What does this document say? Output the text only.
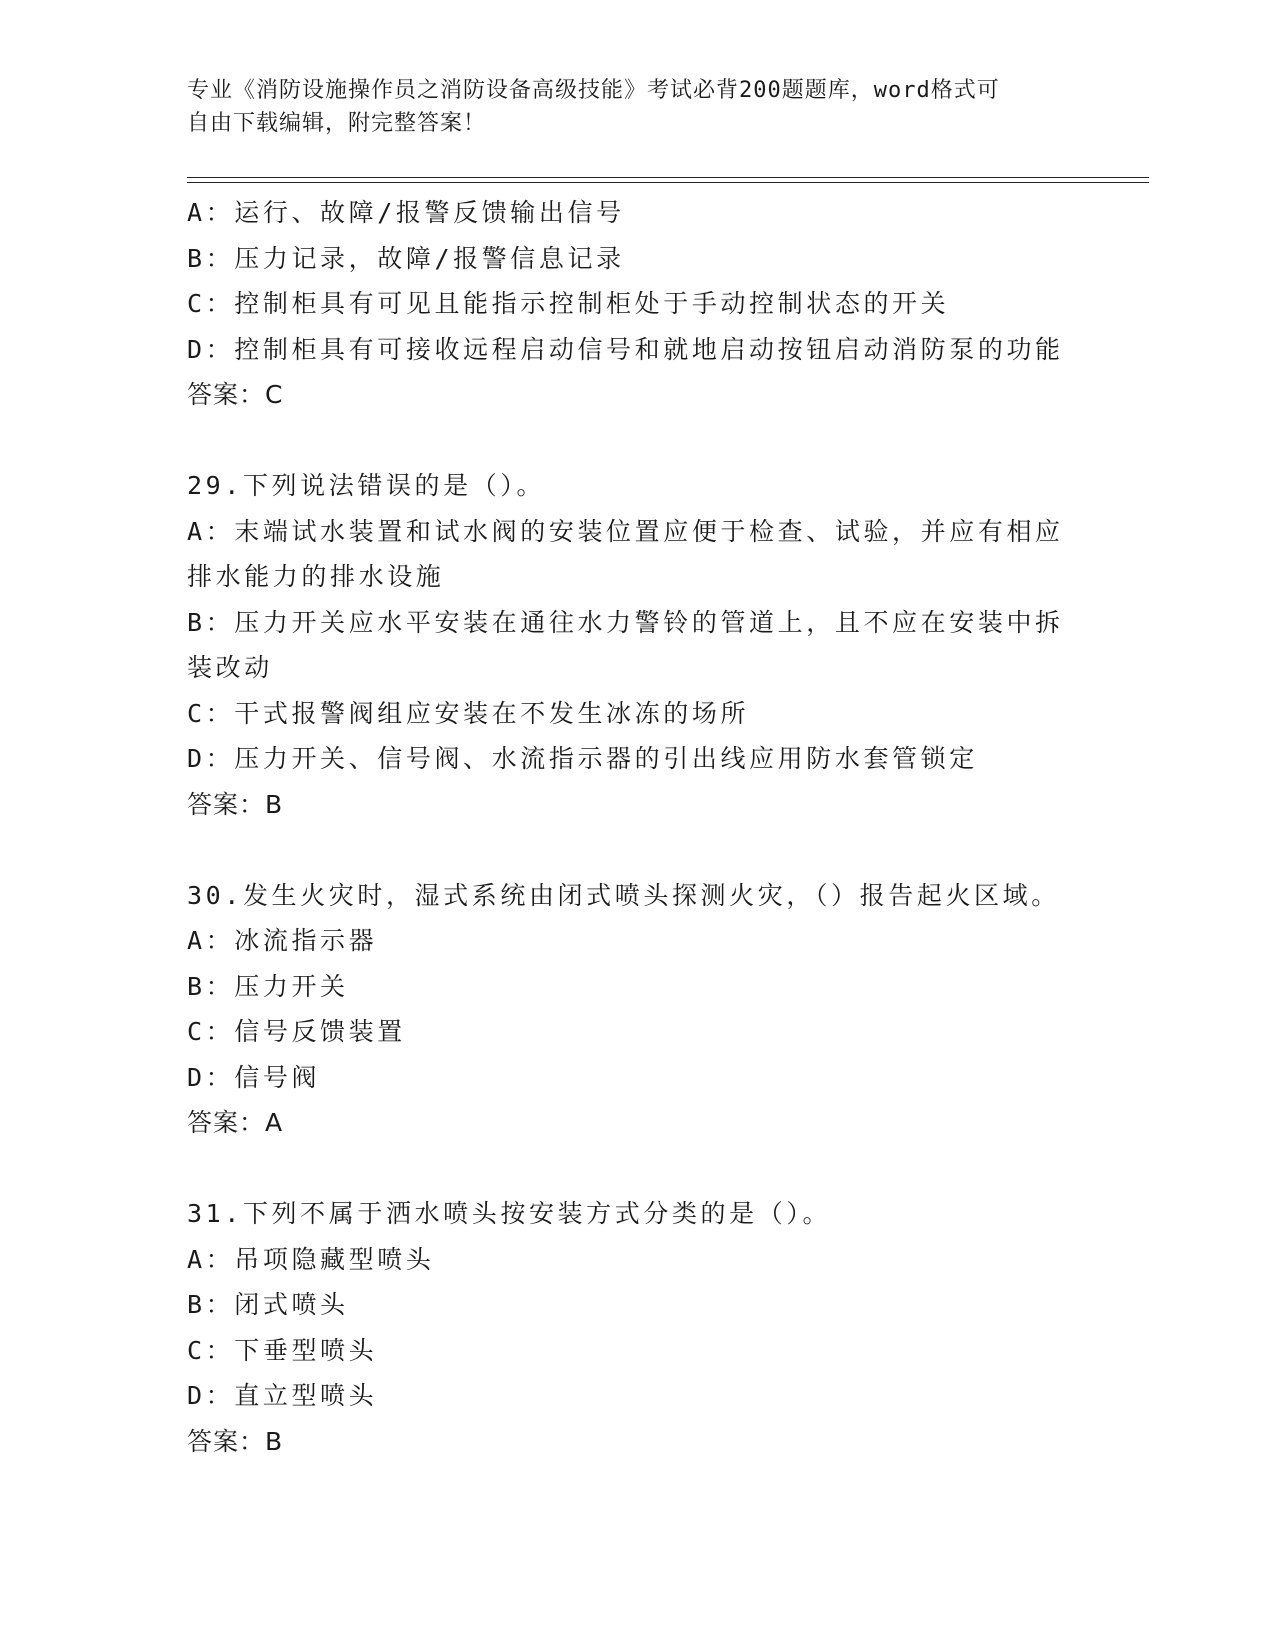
专业《消防设施操作员之消防设备高级技能》考试必背200题题库，word格式可
自由下载编辑，附完整答案！
A：运行、故障/报警反馈输出信号
B：压力记录，故障/报警信息记录
C：控制柜具有可见且能指示控制柜处于手动控制状态的开关
D：控制柜具有可接收远程启动信号和就地启动按钮启动消防泵的功能
答案：C
29.下列说法错误的是（）。
A：末端试水装置和试水阀的安装位置应便于检查、试验，并应有相应
排水能力的排水设施
B：压力开关应水平安装在通往水力警铃的管道上，且不应在安装中拆
装改动
C：干式报警阀组应安装在不发生冰冻的场所
D：压力开关、信号阀、水流指示器的引出线应用防水套管锁定
答案：B
30.发生火灾时，湿式系统由闭式喷头探测火灾，（）报告起火区域。
A：冰流指示器
B：压力开关
C：信号反馈装置
D：信号阀
答案：A
31.下列不属于洒水喷头按安装方式分类的是（）。
A：吊项隐藏型喷头
B：闭式喷头
C：下垂型喷头
D：直立型喷头
答案：B
